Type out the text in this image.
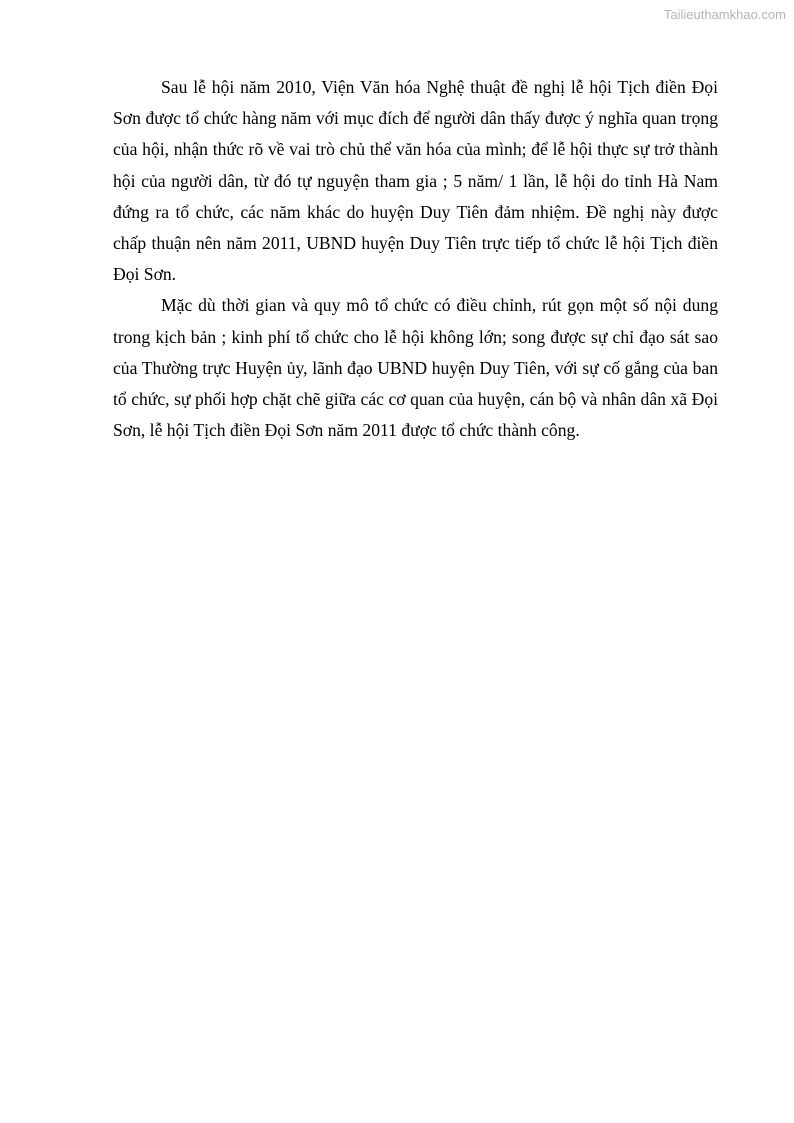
Tailieuthamkhao.com

Sau lễ hội năm 2010, Viện Văn hóa Nghệ thuật đề nghị lễ hội Tịch điền Đọi Sơn được tổ chức hàng năm với mục đích để người dân thấy được ý nghĩa quan trọng của hội, nhận thức rõ về vai trò chủ thể văn hóa của mình; để lễ hội thực sự trở thành hội của người dân, từ đó tự nguyện tham gia ; 5 năm/ 1 lần, lễ hội do tỉnh Hà Nam đứng ra tổ chức, các năm khác do huyện Duy Tiên đảm nhiệm. Đề nghị này được chấp thuận nên năm 2011, UBND huyện Duy Tiên trực tiếp tổ chức lễ hội Tịch điền Đọi Sơn.

Mặc dù thời gian và quy mô tổ chức có điều chỉnh, rút gọn một số nội dung trong kịch bản ; kinh phí tổ chức cho lễ hội không lớn; song được sự chỉ đạo sát sao của Thường trực Huyện ủy, lãnh đạo UBND huyện Duy Tiên, với sự cố gắng của ban tổ chức, sự phối hợp chặt chẽ giữa các cơ quan của huyện, cán bộ và nhân dân xã Đọi Sơn, lễ hội Tịch điền Đọi Sơn năm 2011 được tổ chức thành công.
